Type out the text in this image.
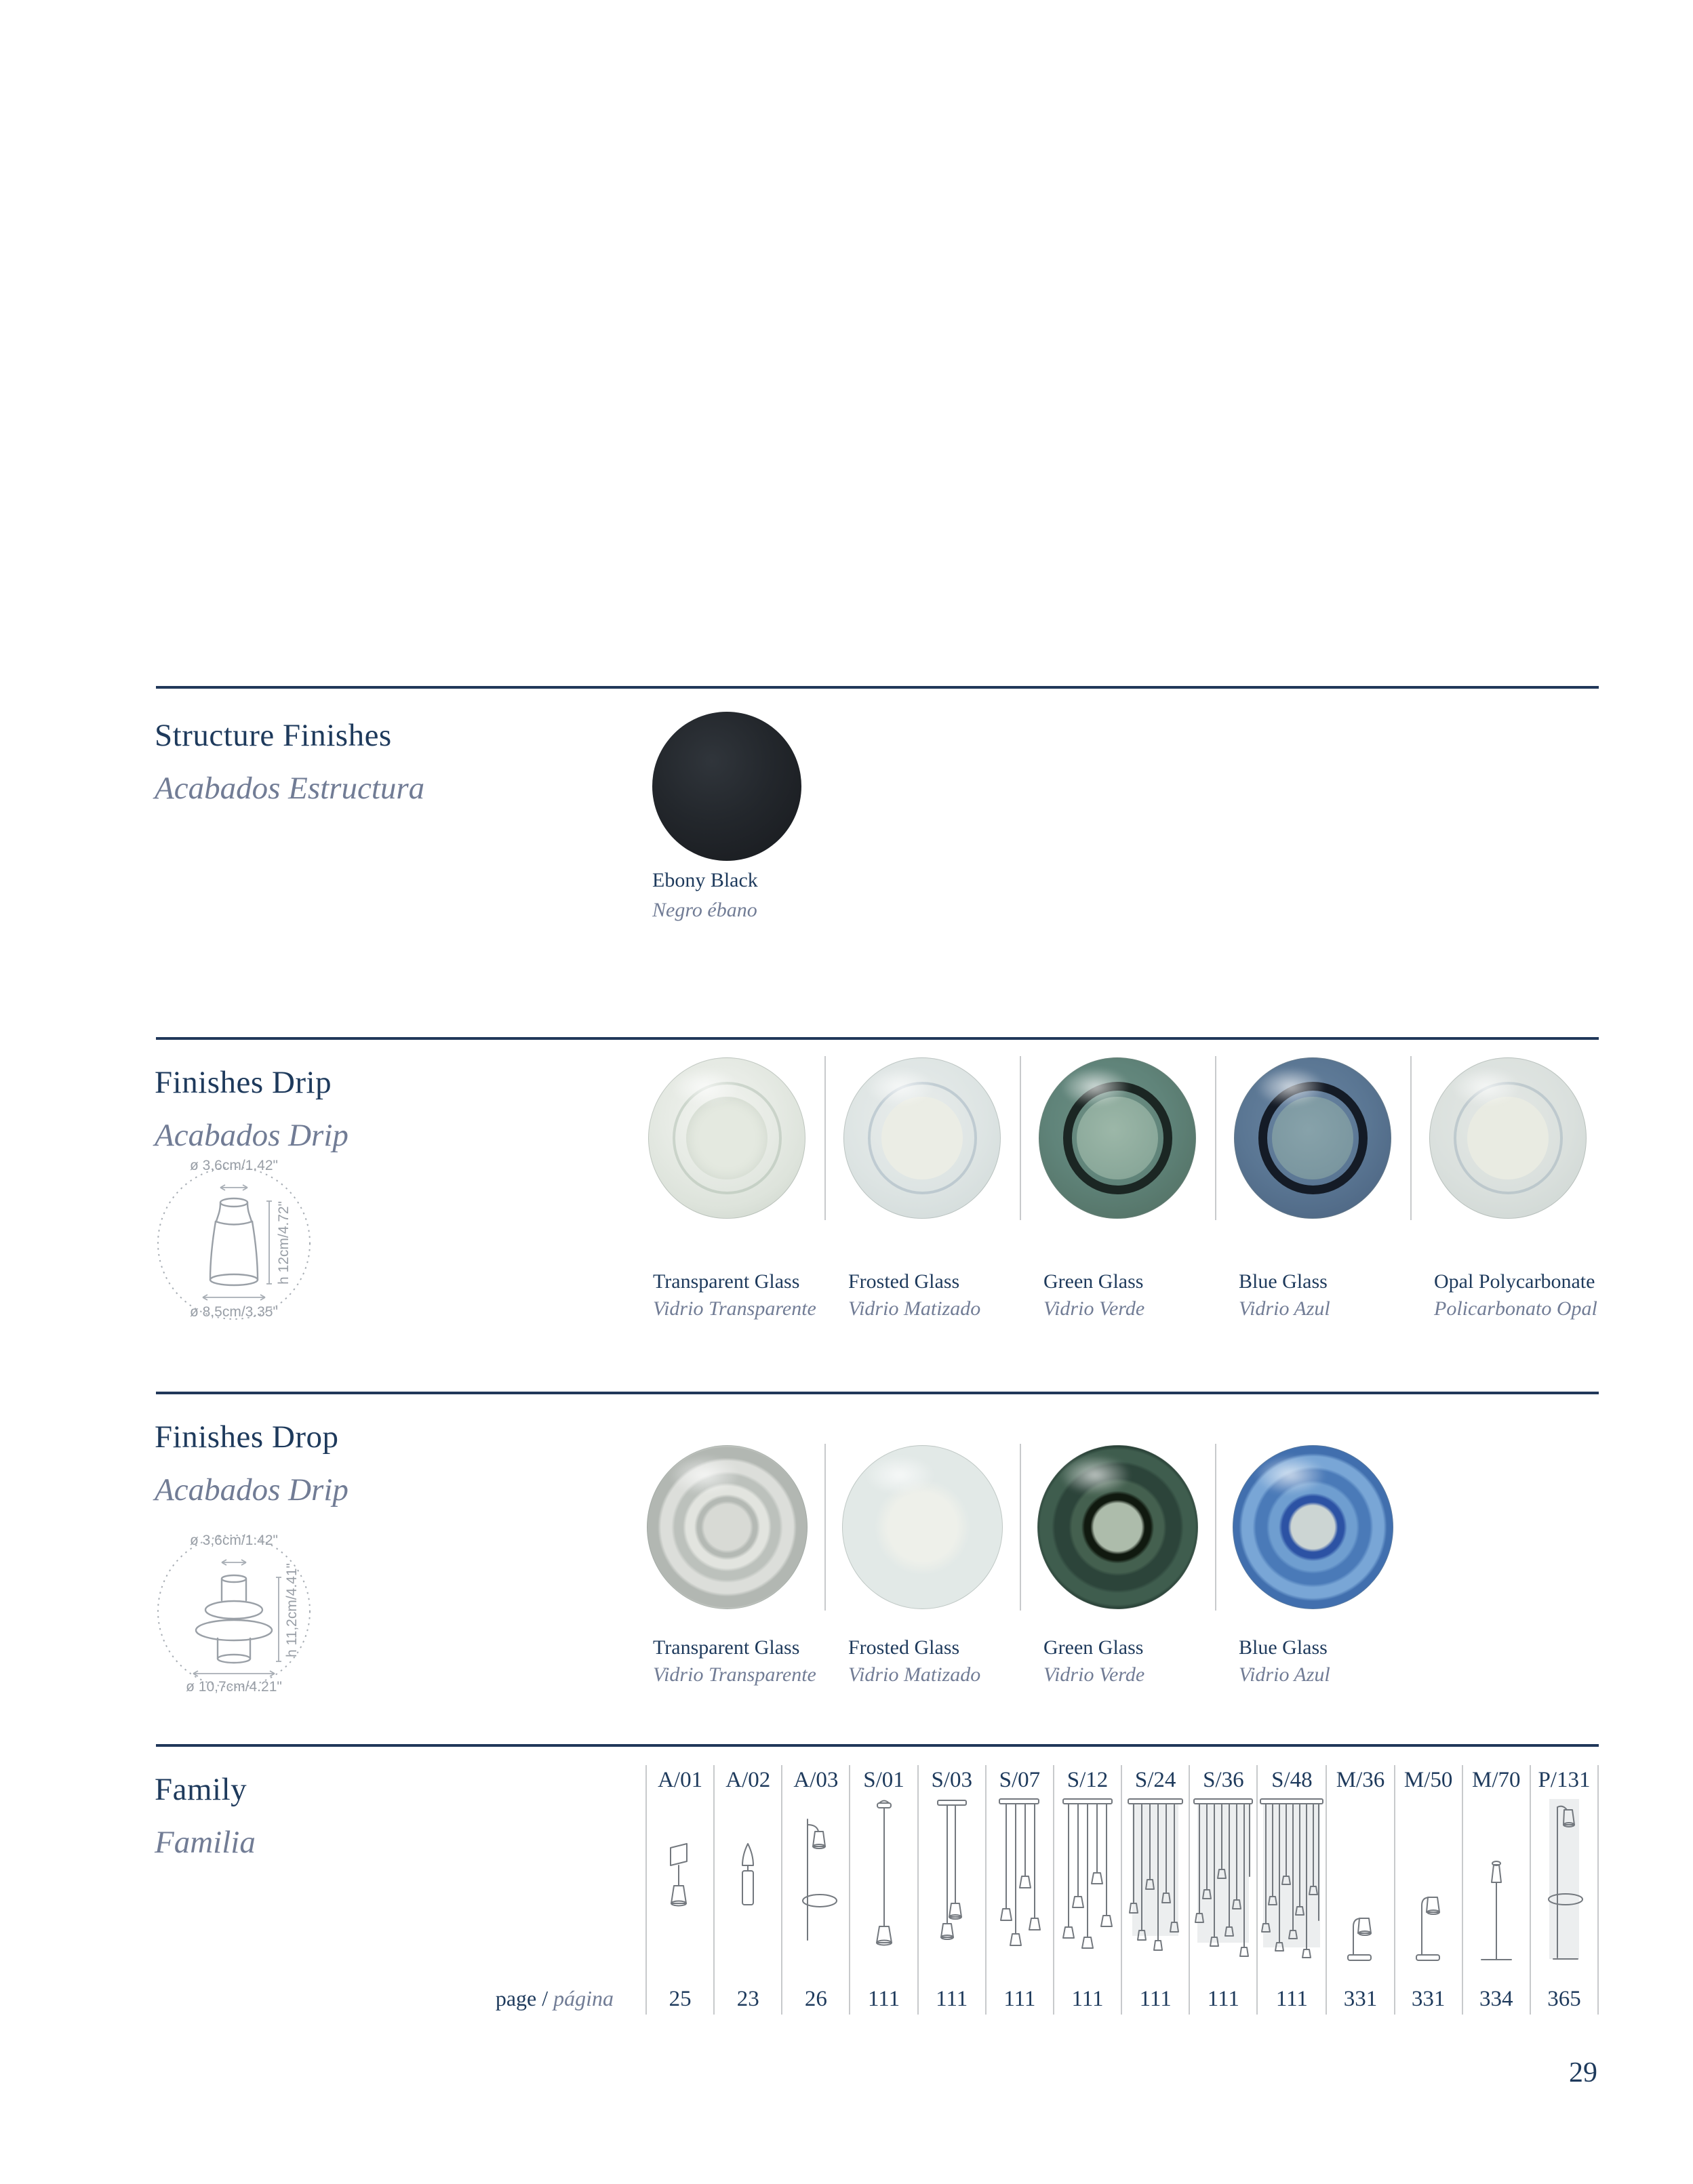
Structure Finishes
Acabados Estructura
Ebony Black
Negro ébano
Finishes Drip
Acabados Drip
ø 3,6cm/1.42"
h 12cm/4.72"
ø 8,5cm/3.35"
Transparent Glass
Vidrio Transparente
Frosted Glass
Vidrio Matizado
Green Glass
Vidrio Verde
Blue Glass
Vidrio Azul
Opal Polycarbonate
Policarbonato Opal
Finishes Drop
Acabados Drip
ø 3,6cm/1.42"
h 11,2cm/4.41"
ø 10,7cm/4.21"
Transparent Glass
Vidrio Transparente
Frosted Glass
Vidrio Matizado
Green Glass
Vidrio Verde
Blue Glass
Vidrio Azul
Family
Familia
page / página
A/01
25
A/02
23
A/03
26
S/01
111
S/03
111
S/07
111
S/12
111
S/24
111
S/36
111
S/48
111
M/36
331
M/50
331
M/70
334
P/131
365
29
